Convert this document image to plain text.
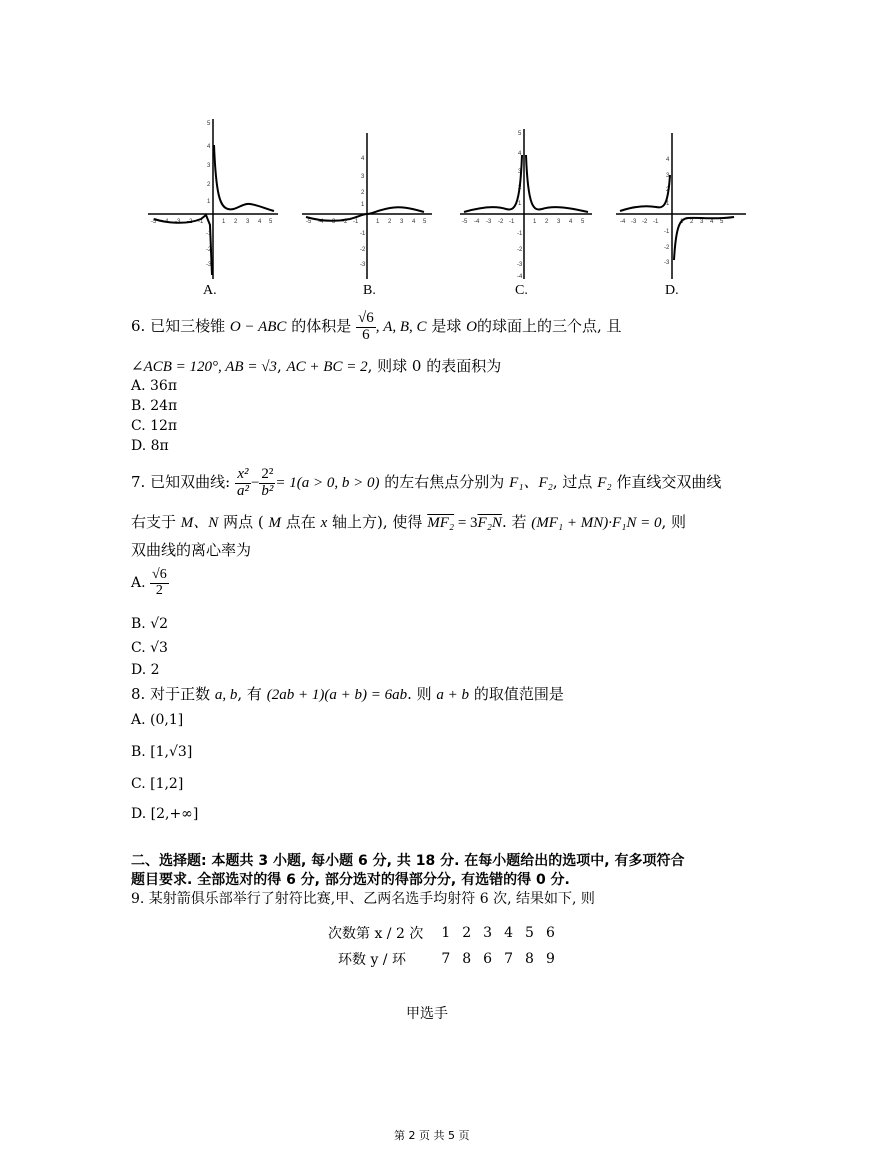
-5 -4 -3 -2 -1	1 2 3 4 5
5
4
3
2
1
-1
-2
-3
A.
-5 -4 -3 -2 -1	1 2 3 4 5
4
3
2
1
-1
-2
-3
B.
-5 -4 -3 -2 -1	1 2 3 4 5
5
4
3
2
1
-1
-2
-3
-4
C.
-4 -3 -2 -1	1 2 3 4 5
4
3
2
1
-1
-2
-3
D.
6. 已知三棱锥 O − ABC 的体积是 $\frac{√6}{6}$ , A, B, C 是球 O的球面上的三个点, 且
∠ACB = 120°, AB = √3, AC + BC = 2, 则球 0 的表面积为
A. 36π
B. 24π
C. 12π
D. 8π
7. 已知双曲线: $\frac{\text{x²}}{\text{a²}} - \frac{\text{2²}}{\text{b²}} = 1(a > 0$, b > 0) 的左右焦点分别为 F₁、F₂, 过点 F₂ 作直线交双曲线
右支于 M、N 两点 ( M 点在 x 轴上方), 使得 MF₂ = 3F₂N. 若 (MF₁ + MN)·F₁N = 0, 则
双曲线的离心率为
A. $\frac{√6}{2}$
B. √2
C. √3
D. 2
8. 对于正数 a, b, 有 (2ab + 1)(a + b) = 6ab. 则 a + b 的取值范围是
A. (0,1]
B. [1,√3]
C. [1,2]
D. [2,+∞]
二、选择题: 本题共 3 小题, 每小题 6 分, 共 18 分. 在每小题给出的选项中, 有多项符合
题目要求. 全部选对的得 6 分, 部分选对的得部分分, 有选错的得 0 分.
9. 某射箭俱乐部举行了射符比赛,甲、乙两名选手均射符 6 次, 结果如下, 则
次数第 x / 2 次	1	2	3	4	5	6
环数 y / 环	7	8	6	7	8	9
甲选手
第 2 页 共 5 页
